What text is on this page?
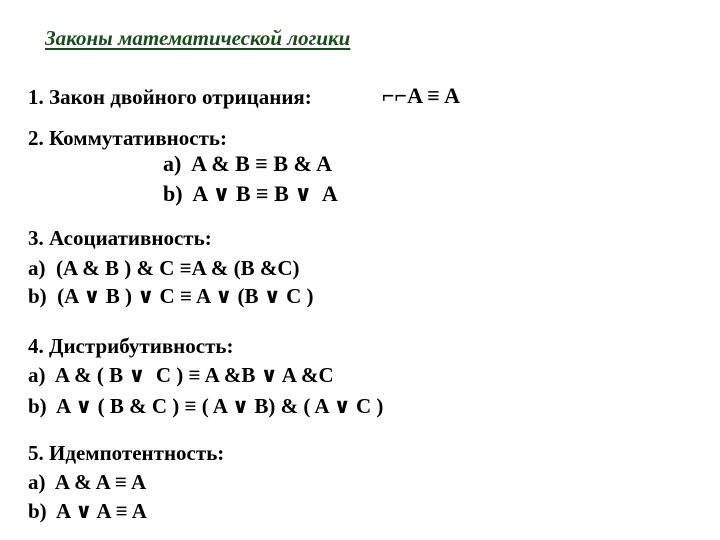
Законы математической логики
1. Закон двойного отрицания:	⌐⌐A ≡ A
2. Коммутативность:
a)  A & B ≡ B & A
b)  A ∨ B ≡ B ∨  A
3. Асоциативность:
a)  (A & B ) & C ≡A & (B &C)
b)  (A ∨ B ) ∨ C ≡ A ∨ (B ∨ C )
4. Дистрибутивность:
a)  A & ( B ∨  C ) ≡ A &B ∨ A &C
b)  A ∨ ( B & C ) ≡ ( A ∨ B) & ( A ∨ C )
5. Идемпотентность:
a)  A & A ≡ A
b)  A ∨ A ≡ A
